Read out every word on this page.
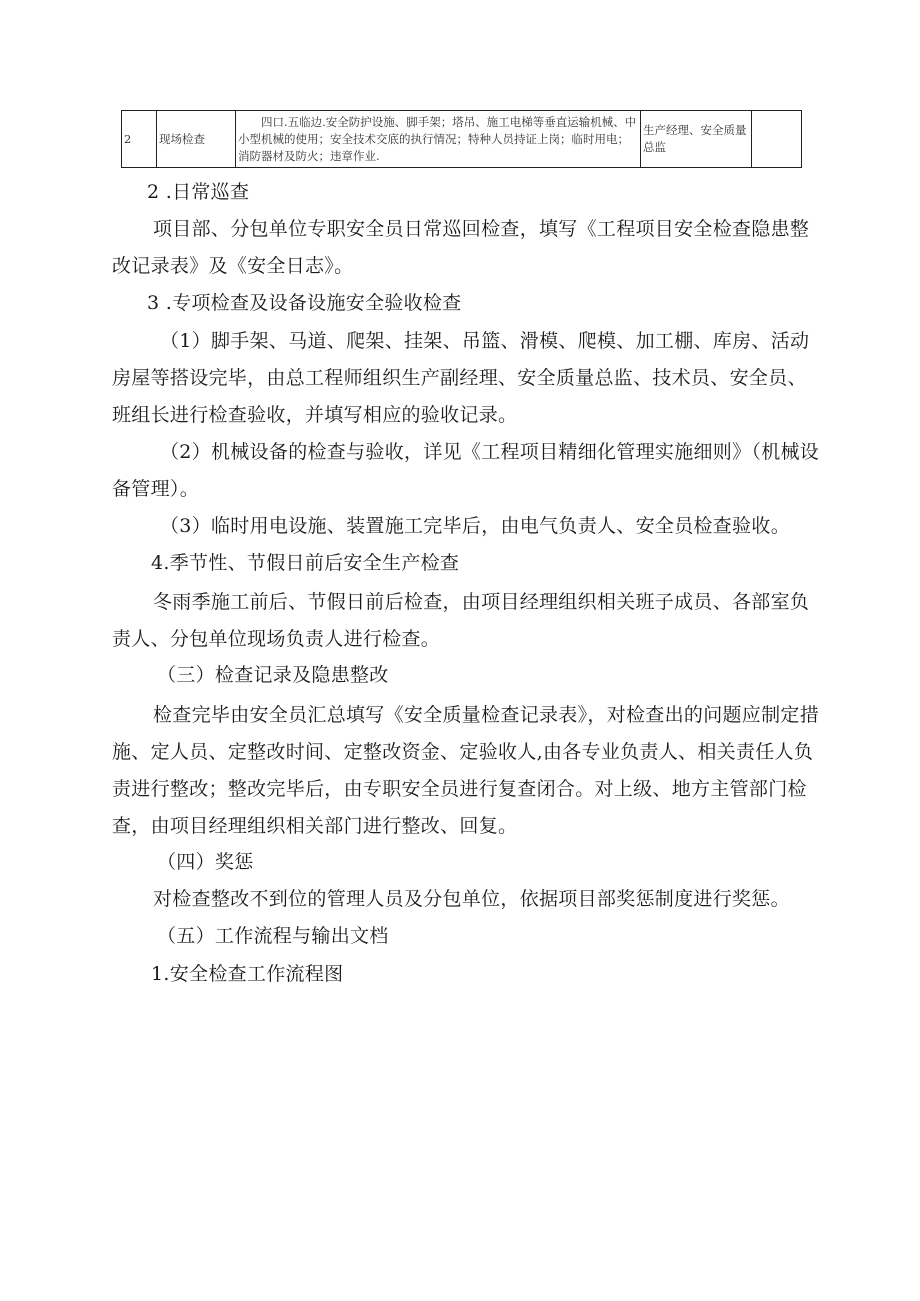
2	现场检查	四口.五临边.安全防护设施、脚手架；塔吊、施工电梯等垂直运输机械、中小型机械的使用；安全技术交底的执行情况；特种人员持证上岗；临时用电；消防器材及防火；违章作业.	生产经理、安全质量总监	

2 .日常巡查

项目部、分包单位专职安全员日常巡回检查，填写《工程项目安全检查隐患整改记录表》及《安全日志》。

3 .专项检查及设备设施安全验收检查

（1）脚手架、马道、爬架、挂架、吊篮、滑模、爬模、加工棚、库房、活动房屋等搭设完毕，由总工程师组织生产副经理、安全质量总监、技术员、安全员、班组长进行检查验收，并填写相应的验收记录。

（2）机械设备的检查与验收，详见《工程项目精细化管理实施细则》（机械设备管理）。

（3）临时用电设施、装置施工完毕后，由电气负责人、安全员检查验收。

4.季节性、节假日前后安全生产检查

冬雨季施工前后、节假日前后检查，由项目经理组织相关班子成员、各部室负责人、分包单位现场负责人进行检查。

（三）检查记录及隐患整改

检查完毕由安全员汇总填写《安全质量检查记录表》，对检查出的问题应制定措施、定人员、定整改时间、定整改资金、定验收人,由各专业负责人、相关责任人负责进行整改；整改完毕后，由专职安全员进行复查闭合。对上级、地方主管部门检查，由项目经理组织相关部门进行整改、回复。

（四）奖惩

对检查整改不到位的管理人员及分包单位，依据项目部奖惩制度进行奖惩。

（五）工作流程与输出文档

1.安全检查工作流程图
